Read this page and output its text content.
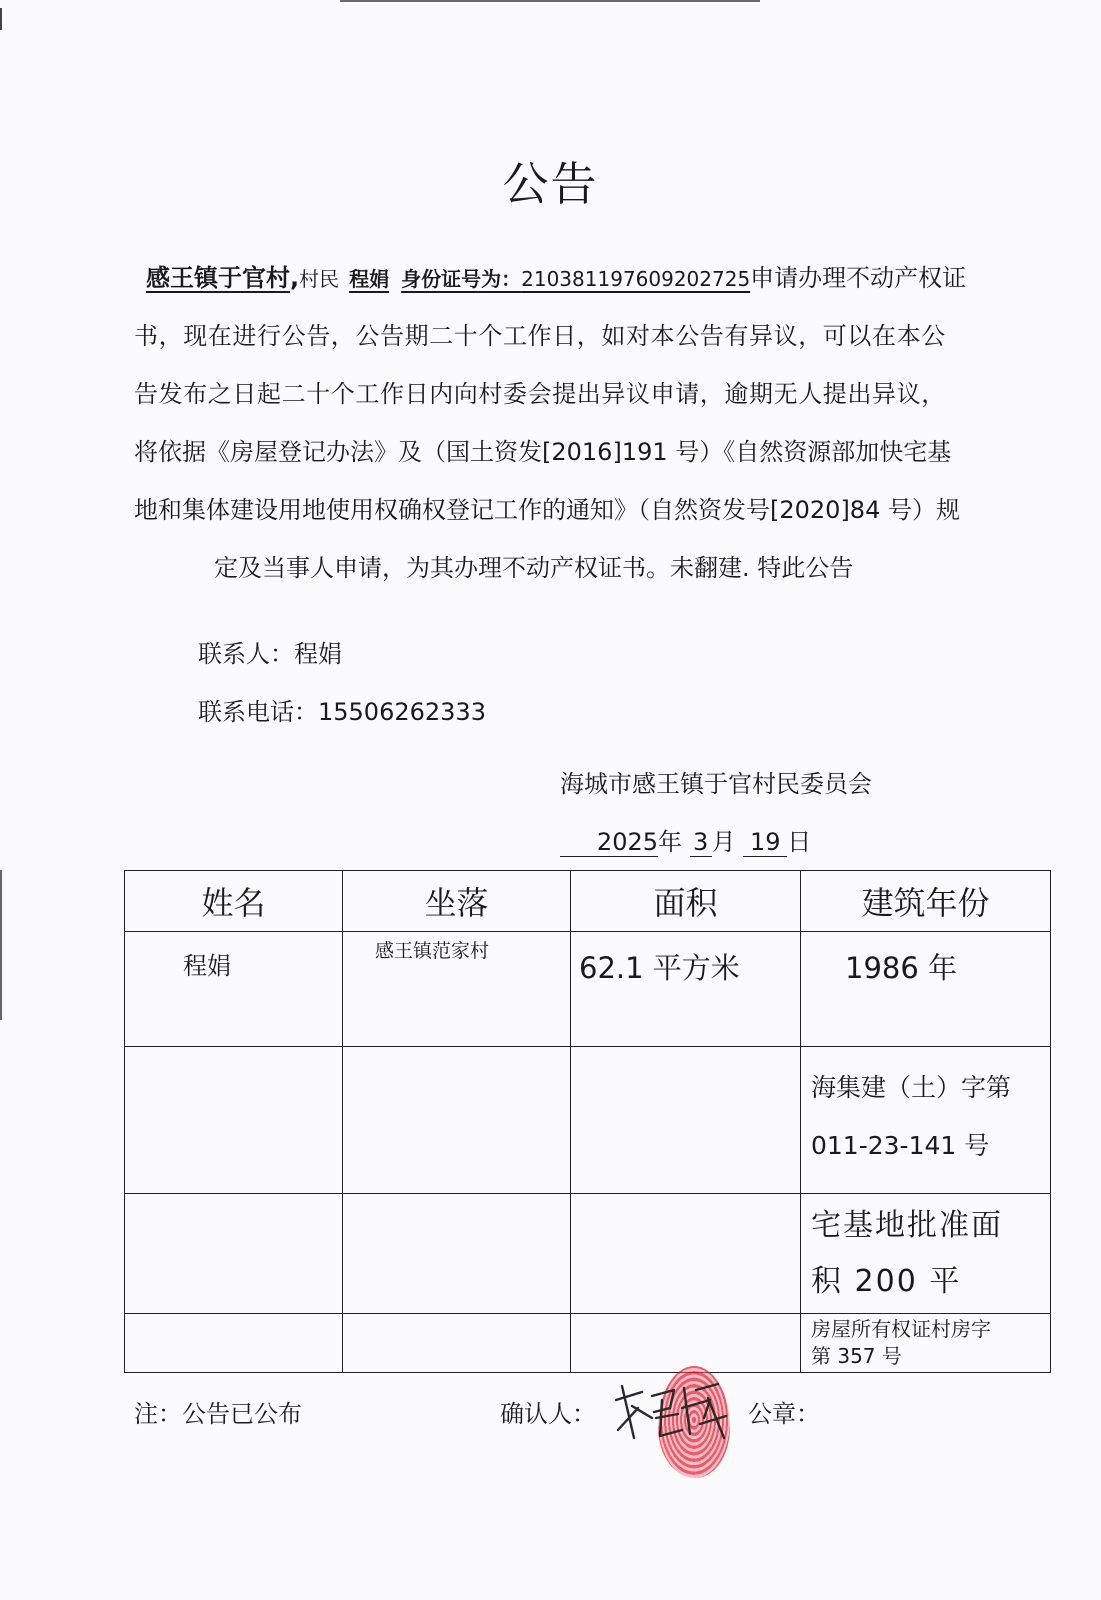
公告
感王镇于官村,村民 程娟 身份证号为：210381197609202725申请办理不动产权证
书，现在进行公告，公告期二十个工作日，如对本公告有异议，可以在本公
告发布之日起二十个工作日内向村委会提出异议申请，逾期无人提出异议，
将依据《房屋登记办法》及（国土资发[2016]191 号）《自然资源部加快宅基
地和集体建设用地使用权确权登记工作的通知》（自然资发号[2020]84 号）规
定及当事人申请，为其办理不动产权证书。未翻建. 特此公告
联系人：程娟
联系电话：15506262333
海城市感王镇于官村民委员会
2025年 3 月 19 日
姓名	坐落	面积	建筑年份

程娟	感王镇范家村	62.1 平方米	1986 年

			海集建（土）字第
011-23-141 号

			宅基地批准面
积 200 平

			房屋所有权证村房字
第 357 号
注：公告已公布	确认人：	公章：
